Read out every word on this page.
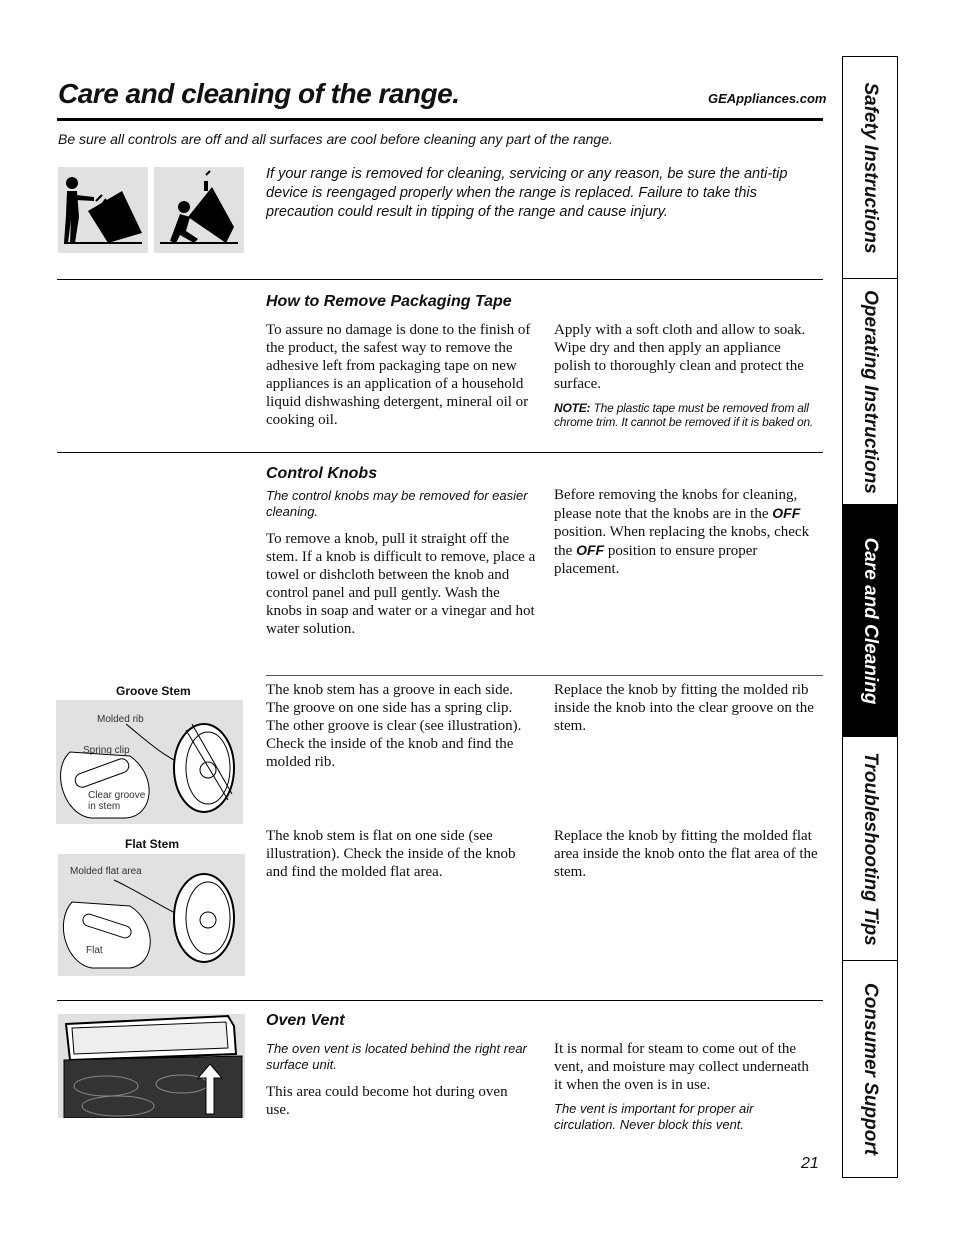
Care and cleaning of the range.	GEAppliances.com
Be sure all controls are off and all surfaces are cool before cleaning any part of the range.
If your range is removed for cleaning, servicing or any reason, be sure the anti-tip device is reengaged properly when the range is replaced. Failure to take this precaution could result in tipping of the range and cause injury.
How to Remove Packaging Tape
To assure no damage is done to the finish of the product, the safest way to remove the adhesive left from packaging tape on new appliances is an application of a household liquid dishwashing detergent, mineral oil or cooking oil.
Apply with a soft cloth and allow to soak. Wipe dry and then apply an appliance polish to thoroughly clean and protect the surface.
NOTE: The plastic tape must be removed from all chrome trim. It cannot be removed if it is baked on.
Control Knobs
The control knobs may be removed for easier cleaning.
To remove a knob, pull it straight off the stem. If a knob is difficult to remove, place a towel or dishcloth between the knob and control panel and pull gently. Wash the knobs in soap and water or a vinegar and hot water solution.
Before removing the knobs for cleaning, please note that the knobs are in the OFF position. When replacing the knobs, check the OFF position to ensure proper placement.
Groove Stem
Molded rib
Spring clip
Clear groove
in stem
The knob stem has a groove in each side. The groove on one side has a spring clip. The other groove is clear (see illustration). Check the inside of the knob and find the molded rib.
Replace the knob by fitting the molded rib inside the knob into the clear groove on the stem.
Flat Stem
Molded flat area
Flat
The knob stem is flat on one side (see illustration). Check the inside of the knob and find the molded flat area.
Replace the knob by fitting the molded flat area inside the knob onto the flat area of the stem.
Oven Vent
The oven vent is located behind the right rear surface unit.
This area could become hot during oven use.
It is normal for steam to come out of the vent, and moisture may collect underneath it when the oven is in use.
The vent is important for proper air circulation. Never block this vent.
21
Safety Instructions
Operating Instructions
Care and Cleaning
Troubleshooting Tips
Consumer Support
